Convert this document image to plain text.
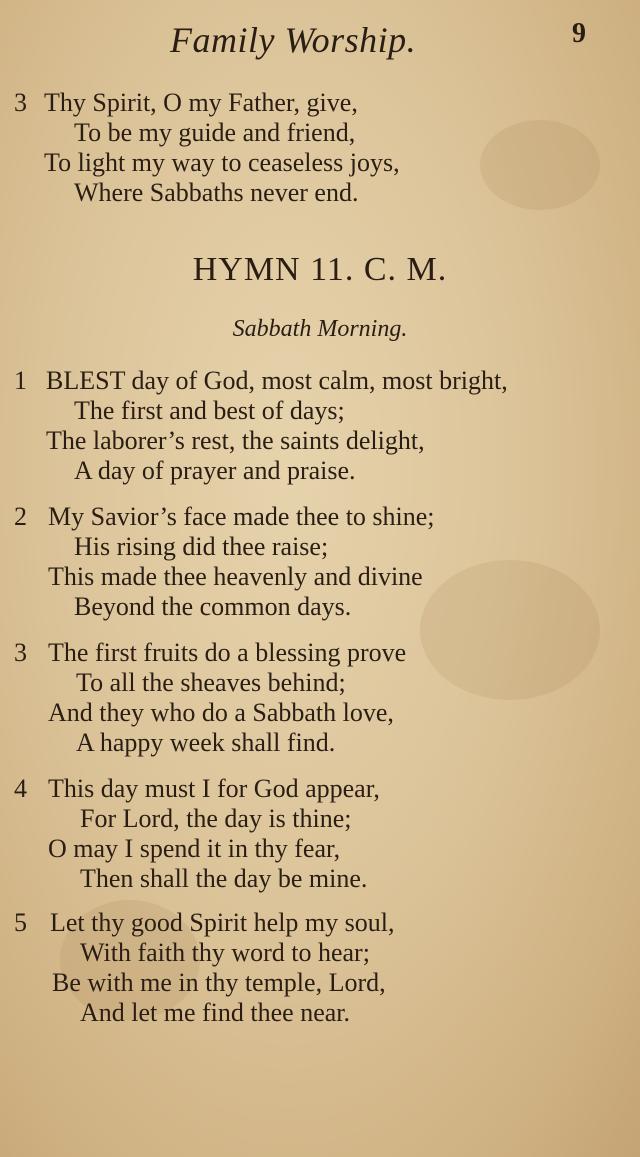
Family Worship.	9
3 Thy Spirit, O my Father, give,
To be my guide and friend,
To light my way to ceaseless joys,
Where Sabbaths never end.
HYMN 11. C. M.
Sabbath Morning.
1 BLEST day of God, most calm, most bright,
The first and best of days;
The laborer’s rest, the saints delight,
A day of prayer and praise.
2 My Savior’s face made thee to shine;
His rising did thee raise;
This made thee heavenly and divine
Beyond the common days.
3 The first fruits do a blessing prove
To all the sheaves behind;
And they who do a Sabbath love,
A happy week shall find.
4 This day must I for God appear,
For Lord, the day is thine;
O may I spend it in thy fear,
Then shall the day be mine.
5 Let thy good Spirit help my soul,
With faith thy word to hear;
Be with me in thy temple, Lord,
And let me find thee near.
